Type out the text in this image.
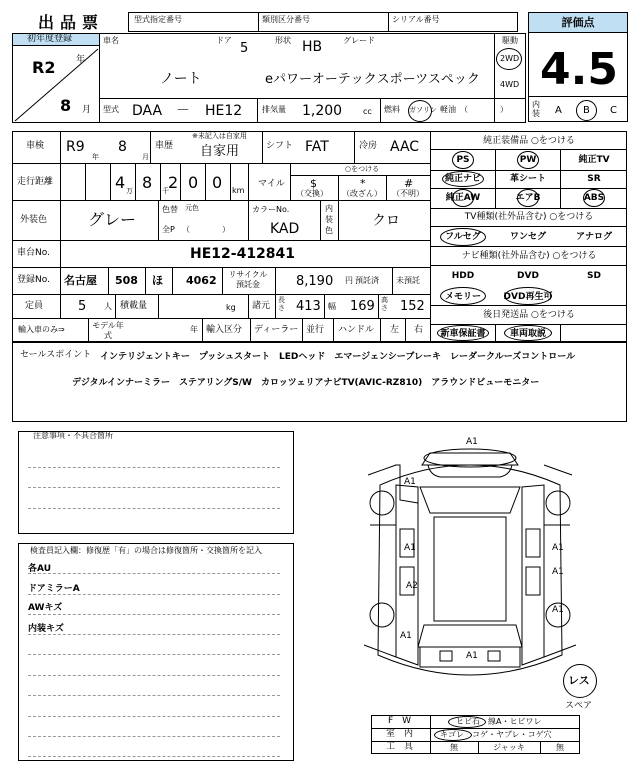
出品票	型式指定番号	類別区分番号	シリアル番号	評価点
4.5
内装 A B C
初年度登録
R2 年
8 月
車名	ドア
5
形状 HB	グレード	駆動
2WD
4WD
ノート	eパワーオーテックスポーツスペック
型式 DAA － HE12 排気量 1,200	cc 燃料 ガソリン 軽油 （　　　　）
車検 R9
年
8
月
車歴
※未記入は自家用
自家用	シフト FAT	冷房 AAC
走行距離	4 万 8 千 2 0 0 km
マイル
○をつける
$
（交換）
*
（改ざん）
#
（不明）
外装色	グレー
色替 元色
全P （　　　　）
カラーNo.
KAD
内装色
クロ
車台No.	HE12-412841
登録No. 名古屋 508 ほ 4062	リサイクル預託金	8,190 円 預託済 未預託
定員	5 人 積載量	kg 諸元
長さ 413 幅 169 高さ 152
輸入車のみ⇒	モデル年式
年 輸入区分 ディーラー 並行 ハンドル 左 右
純正装備品 ○をつける
PS	PW	純正TV
純正ナビ	革シート	SR
純正AW	エアB	ABS
TV種類(社外品含む) ○をつける
フルセグ	ワンセグ	アナログ
ナビ種類(社外品含む) ○をつける
HDD	DVD	SD
メモリー	DVD再生可
後日発送品 ○をつける
新車保証書	車両取説
セールスポイント インテリジェントキー　プッシュスタート　LEDヘッド　エマージェンシーブレーキ　レーダークルーズコントロール
デジタルインナーミラー　ステアリングS/W　カロッツェリアナビTV(AVIC-RZ810)　アラウンドビューモニター
注意事項・不具合箇所
検査員記入欄：修復歴「有」の場合は修復箇所・交換箇所を記入
各AU
ドアミラーA
AWキズ
内装キズ
A1
A1
A1	A1
A2
A1
A1
A1
A1
レス
スペア
F　W	ヒビ石　線A・ヒビワレ
室　内	キゴレ　コゲ・ヤブレ・コゲ穴
工　具	無	ジャッキ	無
